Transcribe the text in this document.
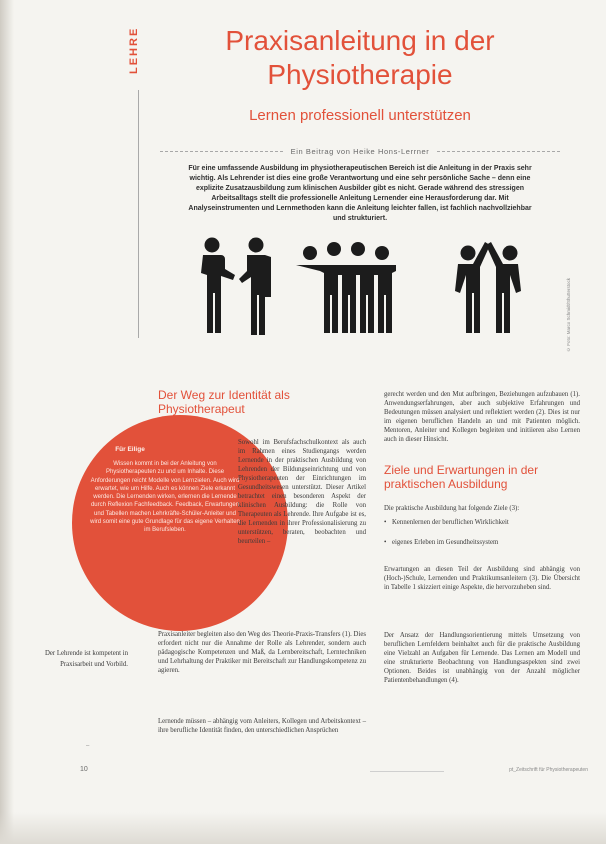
LEHRE	Praxisanleitung in der Physiotherapie
Lernen professionell unterstützen
Ein Beitrag von Heike Hons-Lerrner

Für eine umfassende Ausbildung im physiotherapeutischen Bereich ist die Anleitung in der Praxis sehr wichtig. Als Lehrender ist dies eine große Verantwortung und eine sehr persönliche Sache – denn eine explizite Zusatzausbildung zum klinischen Ausbilder gibt es nicht. Gerade während des stressigen Arbeitsalltags stellt die professionelle Anleitung Lernender eine Herausforderung dar. Mit Analyseinstrumenten und Lernmethoden kann die Anleitung leichter fallen, ist fachlich nachvollziehbar und strukturiert.

© Foto: Marco Schmidt/Shutterstock
Der Weg zur Identität als Physiotherapeut
Für Eilige

Wissen kommt in bei der Anleitung von Physiotherapeuten zu und um Inhalte. Diese Anforderungen reicht Modelle von Lernzielen. Auch wird erwartet, wie um Hilfe. Auch es können Ziele erkannt werden. Die Lernenden wirken, erlernen die Lernende durch Reflexion Fachfeedback. Feedback, Erwartungen und Tabellen machen Lehrkräfte-Schüler-Anleiter und wird somit eine gute Grundlage für das eigene Verhalten im Berufsleben.

Sowohl im Berufsfachschulkontext als auch im Rahmen eines Studiengangs werden Lernende in der praktischen Ausbildung von Lehrenden der Bildungseinrichtung und von Physiotherapeuten der Einrichtungen im Gesundheitswesen unterstützt. Dieser Artikel betrachtet einen besonderen Aspekt der klinischen Ausbildung: die Rolle von Therapeuten als Lehrende. Ihre Aufgabe ist es, die Lernenden in ihrer Professionalisierung zu unterstützen, beraten, beobachten und beurteilen –

Praxisanleiter begleiten also den Weg des Theorie-Praxis-Transfers (1). Dies erfordert nicht nur die Annahme der Rolle als Lehrender, sondern auch pädagogische Kompetenzen und Maß, da Lernbereitschaft, Lerntechniken und Lehrhaltung der Praktiker mit Bereitschaft zur Handlungskompetenz zu agieren.

Lernende müssen – abhängig vom Anleiters, Kollegen und Arbeitskontext – ihre berufliche Identität finden, den unterschiedlichen Ansprüchen

Der Lehrende ist kompetent in Praxisarbeit und Vorbild.

gerecht werden und den Mut aufbringen, Beziehungen aufzubauen (1). Anwendungserfahrungen, aber auch subjektive Erfahrungen und Bedeutungen müssen analysiert und reflektiert werden (2). Dies ist nur im eigenen beruflichen Handeln an und mit Patienten möglich. Mentoren, Anleiter und Kollegen begleiten und initiieren also Lernen auch in dieser Hinsicht.

Ziele und Erwartungen in der praktischen Ausbildung

Die praktische Ausbildung hat folgende Ziele (3):

• Kennenlernen der beruflichen Wirklichkeit
• eigenes Erleben im Gesundheitssystem

Erwartungen an diesen Teil der Ausbildung sind abhängig von (Hoch-)Schule, Lernenden und Praktikumsanleitern (3). Die Übersicht in Tabelle 1 skizziert einige Aspekte, die hervorzuheben sind.

Der Ansatz der Handlungsorientierung mittels Umsetzung von beruflichen Lernfeldern beinhaltet auch für die praktische Ausbildung eine Vielzahl an Aufgaben für Lernende. Das Lernen am Modell und eine strukturierte Beobachtung von Handlungsaspekten sind zwei Optionen. Beides ist unabhängig von der Anzahl möglicher Patientenbehandlungen (4).

–
10	pt_Zeitschrift für Physiotherapeuten
